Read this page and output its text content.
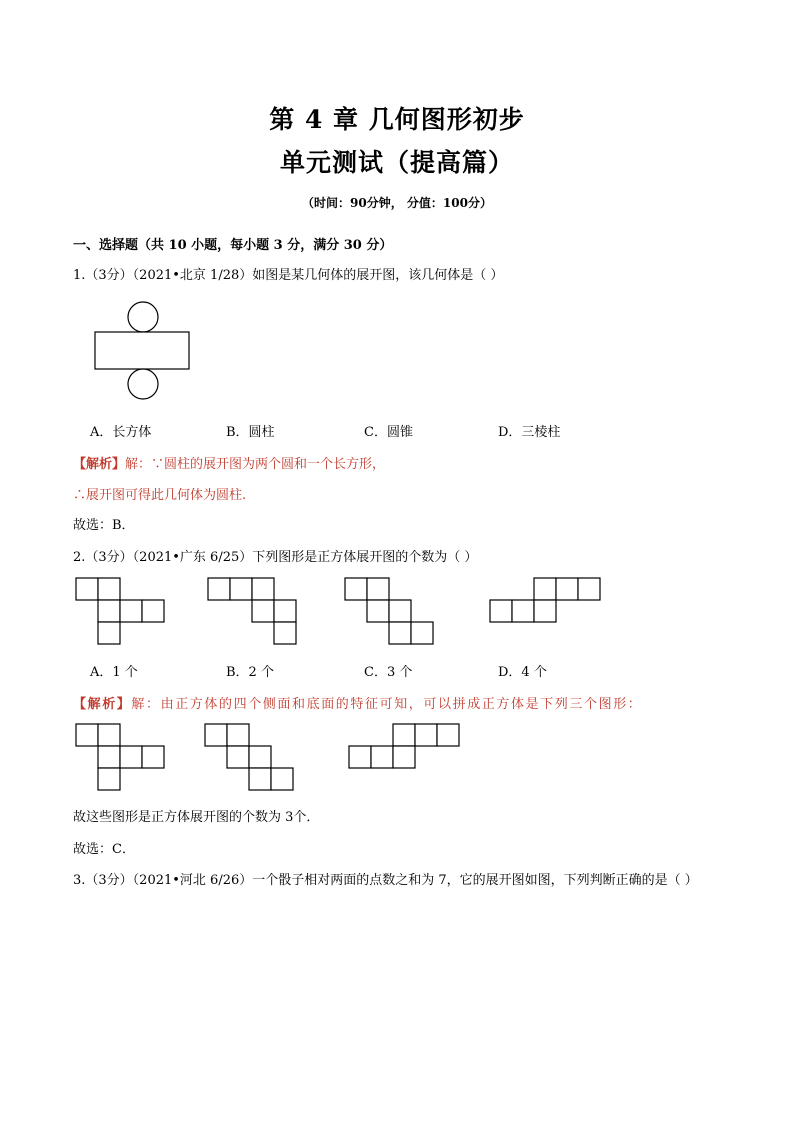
第 4 章 几何图形初步
单元测试（提高篇）
（时间：90分钟， 分值：100分）
一、选择题（共 10 小题，每小题 3 分，满分 30 分）
1.（3分）（2021•北京 1/28）如图是某几何体的展开图，该几何体是（ ）
A．长方体	B．圆柱	C．圆锥	D．三棱柱
【解析】解：∵圆柱的展开图为两个圆和一个长方形，
∴展开图可得此几何体为圆柱.
故选：B．
2.（3分）（2021•广东 6/25）下列图形是正方体展开图的个数为（ ）
A．1 个	B．2 个	C．3 个	D．4 个
【解析】解：由正方体的四个侧面和底面的特征可知，可以拼成正方体是下列三个图形：
故这些图形是正方体展开图的个数为 3个．
故选：C．
3.（3分）（2021•河北 6/26）一个骰子相对两面的点数之和为 7，它的展开图如图，下列判断正确的是（ ）
